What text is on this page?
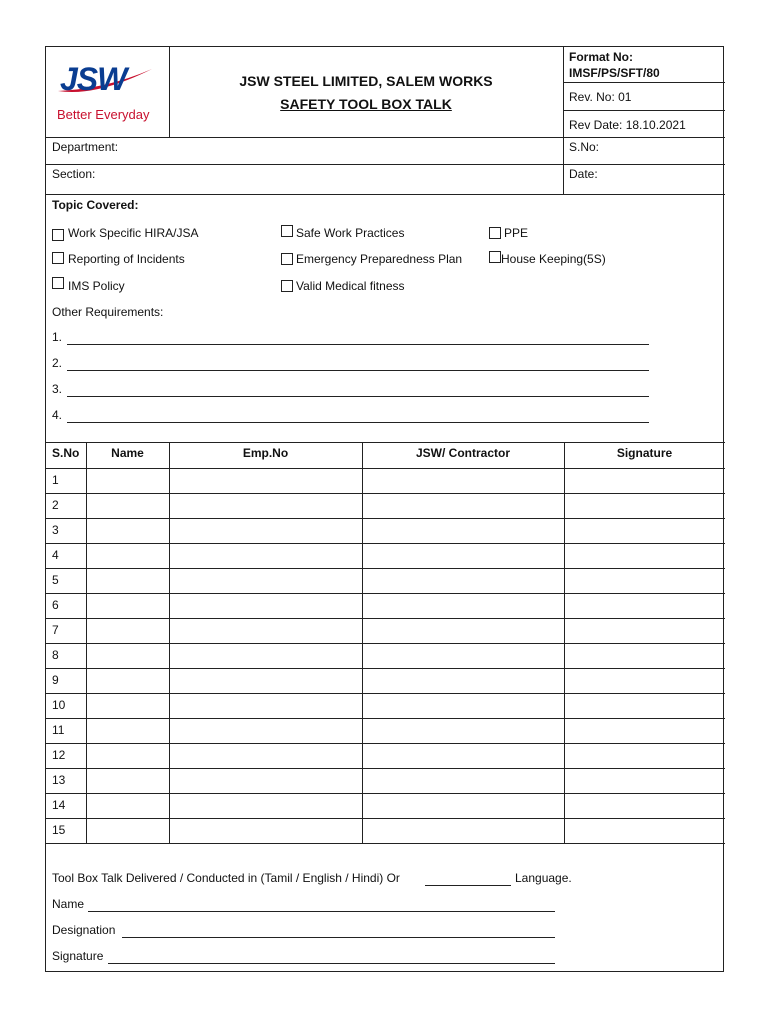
JSW
Better Everyday
JSW STEEL LIMITED, SALEM WORKS
SAFETY TOOL BOX TALK
Format No:
IMSF/PS/SFT/80
Rev. No: 01
Rev Date: 18.10.2021
Department:	S.No:
Section:	Date:
Topic Covered:
Work Specific HIRA/JSA	Safe Work Practices	PPE
Reporting of Incidents	Emergency Preparedness Plan	House Keeping(5S)
IMS Policy	Valid Medical fitness
Other Requirements:
1.
2.
3.
4.
S.No	Name	Emp.No	JSW/ Contractor	Signature
1
2
3
4
5
6
7
8
9
10
11
12
13
14
15
Tool Box Talk Delivered / Conducted in (Tamil / English / Hindi) Or	Language.
Name
Designation
Signature
